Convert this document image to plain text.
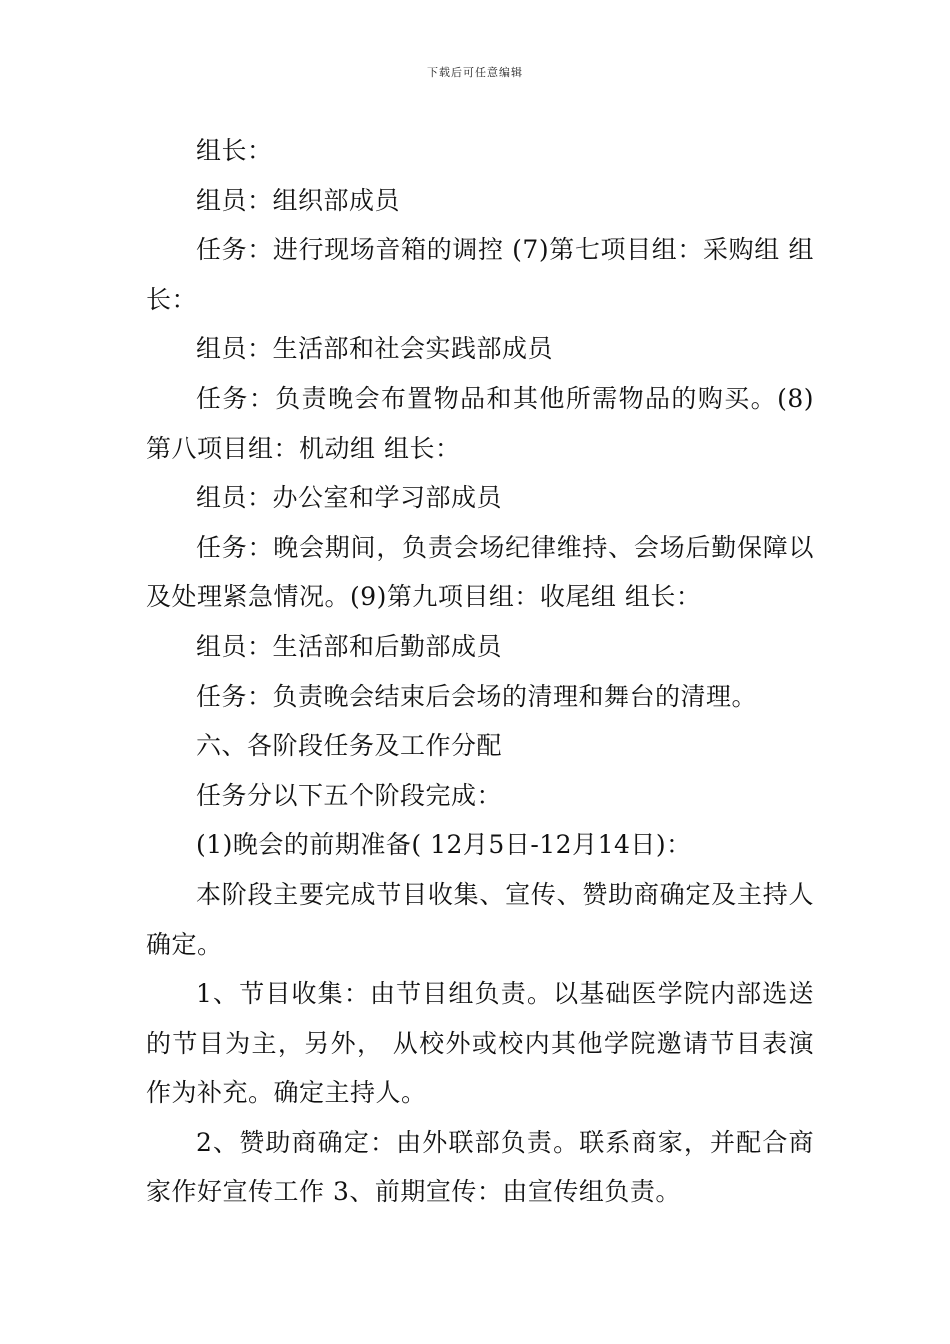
下载后可任意编辑

组长：

组员：组织部成员

任务：进行现场音箱的调控 (7)第七项目组：采购组 组长：

组员：生活部和社会实践部成员

任务：负责晚会布置物品和其他所需物品的购买。(8)第八项目组：机动组 组长：

组员：办公室和学习部成员

任务：晚会期间，负责会场纪律维持、会场后勤保障以及处理紧急情况。(9)第九项目组：收尾组 组长：

组员：生活部和后勤部成员

任务：负责晚会结束后会场的清理和舞台的清理。

六、各阶段任务及工作分配

任务分以下五个阶段完成：

(1)晚会的前期准备( 12月5日-12月14日)：

本阶段主要完成节目收集、宣传、赞助商确定及主持人确定。

1、节目收集：由节目组负责。以基础医学院内部选送的节目为主，另外， 从校外或校内其他学院邀请节目表演作为补充。确定主持人。

2、赞助商确定：由外联部负责。联系商家，并配合商家作好宣传工作 3、前期宣传：由宣传组负责。
